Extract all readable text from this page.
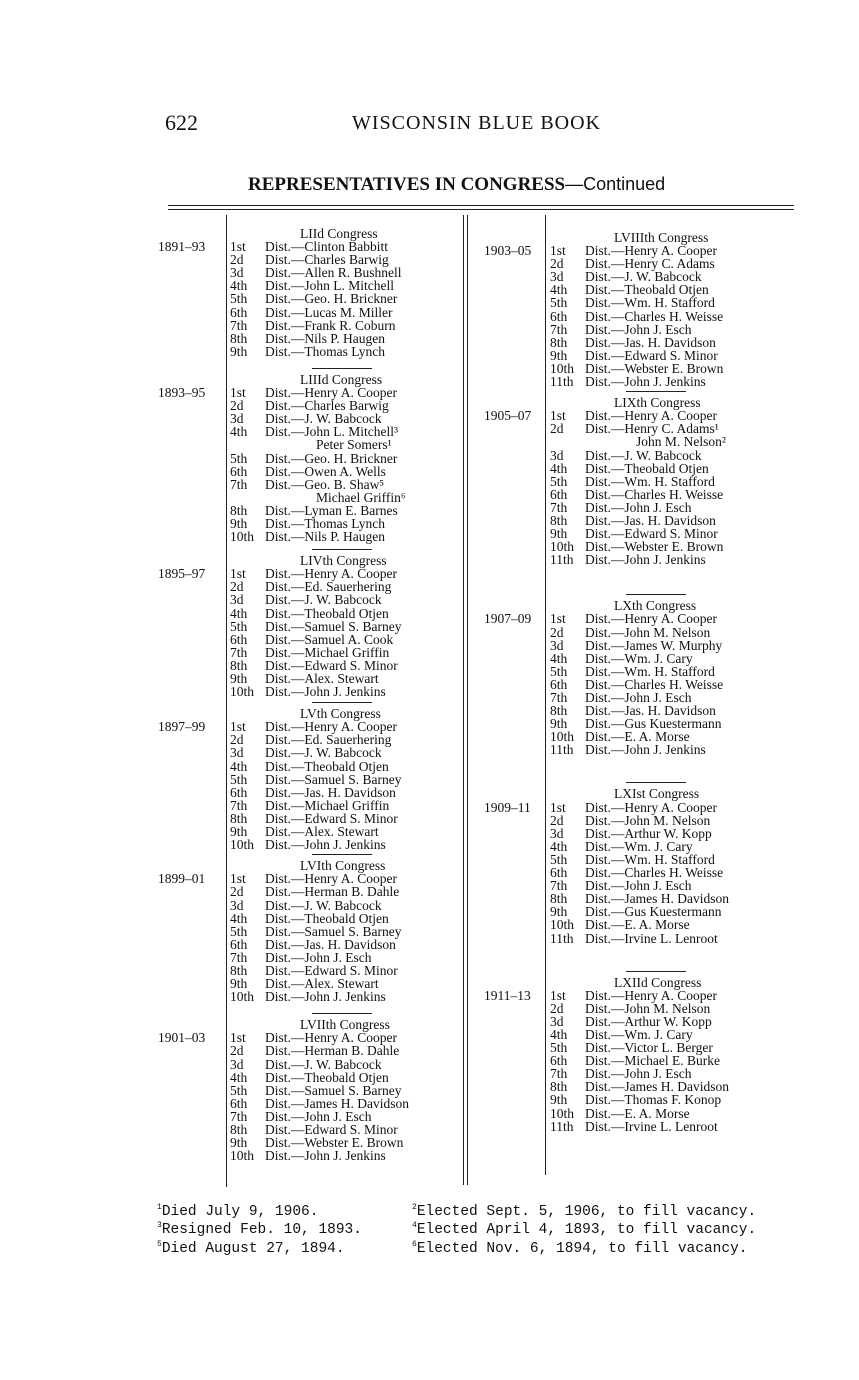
622	WISCONSIN BLUE BOOK
REPRESENTATIVES IN CONGRESS—Continued
LIId Congress
1891–93 1st	Dist.—Clinton Babbitt
2d	Dist.—Charles Barwig
3d	Dist.—Allen R. Bushnell
4th	Dist.—John L. Mitchell
5th	Dist.—Geo. H. Brickner
6th	Dist.—Lucas M. Miller
7th	Dist.—Frank R. Coburn
8th	Dist.—Nils P. Haugen
9th	Dist.—Thomas Lynch
LIIId Congress
1893–95 1st	Dist.—Henry A. Cooper
2d	Dist.—Charles Barwig
3d	Dist.—J. W. Babcock
4th	Dist.—John L. Mitchell³
Peter Somers¹
5th	Dist.—Geo. H. Brickner
6th	Dist.—Owen A. Wells
7th	Dist.—Geo. B. Shaw⁵
Michael Griffin⁶
8th	Dist.—Lyman E. Barnes
9th	Dist.—Thomas Lynch
10th Dist.—Nils P. Haugen
LIVth Congress
1895–97 1st	Dist.—Henry A. Cooper
2d	Dist.—Ed. Sauerhering
3d	Dist.—J. W. Babcock
4th	Dist.—Theobald Otjen
5th	Dist.—Samuel S. Barney
6th	Dist.—Samuel A. Cook
7th	Dist.—Michael Griffin
8th	Dist.—Edward S. Minor
9th	Dist.—Alex. Stewart
10th Dist.—John J. Jenkins
LVth Congress
1897–99 1st	Dist.—Henry A. Cooper
2d	Dist.—Ed. Sauerhering
3d	Dist.—J. W. Babcock
4th	Dist.—Theobald Otjen
5th	Dist.—Samuel S. Barney
6th	Dist.—Jas. H. Davidson
7th	Dist.—Michael Griffin
8th	Dist.—Edward S. Minor
9th	Dist.—Alex. Stewart
10th Dist.—John J. Jenkins
LVIth Congress
1899–01 1st	Dist.—Henry A. Cooper
2d	Dist.—Herman B. Dahle
3d	Dist.—J. W. Babcock
4th	Dist.—Theobald Otjen
5th	Dist.—Samuel S. Barney
6th	Dist.—Jas. H. Davidson
7th	Dist.—John J. Esch
8th	Dist.—Edward S. Minor
9th	Dist.—Alex. Stewart
10th Dist.—John J. Jenkins
LVIIth Congress
1901–03 1st	Dist.—Henry A. Cooper
2d	Dist.—Herman B. Dahle
3d	Dist.—J. W. Babcock
4th	Dist.—Theobald Otjen
5th	Dist.—Samuel S. Barney
6th	Dist.—James H. Davidson
7th	Dist.—John J. Esch
8th	Dist.—Edward S. Minor
9th	Dist.—Webster E. Brown
10th Dist.—John J. Jenkins
LVIIIth Congress
1903–05 1st	Dist.—Henry A. Cooper
2d	Dist.—Henry C. Adams
3d	Dist.—J. W. Babcock
4th	Dist.—Theobald Otjen
5th	Dist.—Wm. H. Stafford
6th	Dist.—Charles H. Weisse
7th	Dist.—John J. Esch
8th	Dist.—Jas. H. Davidson
9th	Dist.—Edward S. Minor
10th Dist.—Webster E. Brown
11th Dist.—John J. Jenkins
LIXth Congress
1905–07 1st	Dist.—Henry A. Cooper
2d	Dist.—Henry C. Adams¹
John M. Nelson²
3d	Dist.—J. W. Babcock
4th	Dist.—Theobald Otjen
5th	Dist.—Wm. H. Stafford
6th	Dist.—Charles H. Weisse
7th	Dist.—John J. Esch
8th	Dist.—Jas. H. Davidson
9th	Dist.—Edward S. Minor
10th Dist.—Webster E. Brown
11th Dist.—John J. Jenkins
LXth Congress
1907–09 1st	Dist.—Henry A. Cooper
2d	Dist.—John M. Nelson
3d	Dist.—James W. Murphy
4th	Dist.—Wm. J. Cary
5th	Dist.—Wm. H. Stafford
6th	Dist.—Charles H. Weisse
7th	Dist.—John J. Esch
8th	Dist.—Jas. H. Davidson
9th	Dist.—Gus Kuestermann
10th Dist.—E. A. Morse
11th Dist.—John J. Jenkins
LXIst Congress
1909–11 1st	Dist.—Henry A. Cooper
2d	Dist.—John M. Nelson
3d	Dist.—Arthur W. Kopp
4th	Dist.—Wm. J. Cary
5th	Dist.—Wm. H. Stafford
6th	Dist.—Charles H. Weisse
7th	Dist.—John J. Esch
8th	Dist.—James H. Davidson
9th	Dist.—Gus Kuestermann
10th Dist.—E. A. Morse
11th Dist.—Irvine L. Lenroot
LXIId Congress
1911–13 1st	Dist.—Henry A. Cooper
2d	Dist.—John M. Nelson
3d	Dist.—Arthur W. Kopp
4th	Dist.—Wm. J. Cary
5th	Dist.—Victor L. Berger
6th	Dist.—Michael E. Burke
7th	Dist.—John J. Esch
8th	Dist.—James H. Davidson
9th	Dist.—Thomas F. Konop
10th Dist.—E. A. Morse
11th Dist.—Irvine L. Lenroot
$^1$Died July 9, 1906.
$^3$Resigned Feb. 10, 1893.
$^5$Died August 27, 1894.
$^2$Elected Sept. 5, 1906, to fill vacancy.
$^4$Elected April 4, 1893, to fill vacancy.
$^6$Elected Nov. 6, 1894, to fill vacancy.
